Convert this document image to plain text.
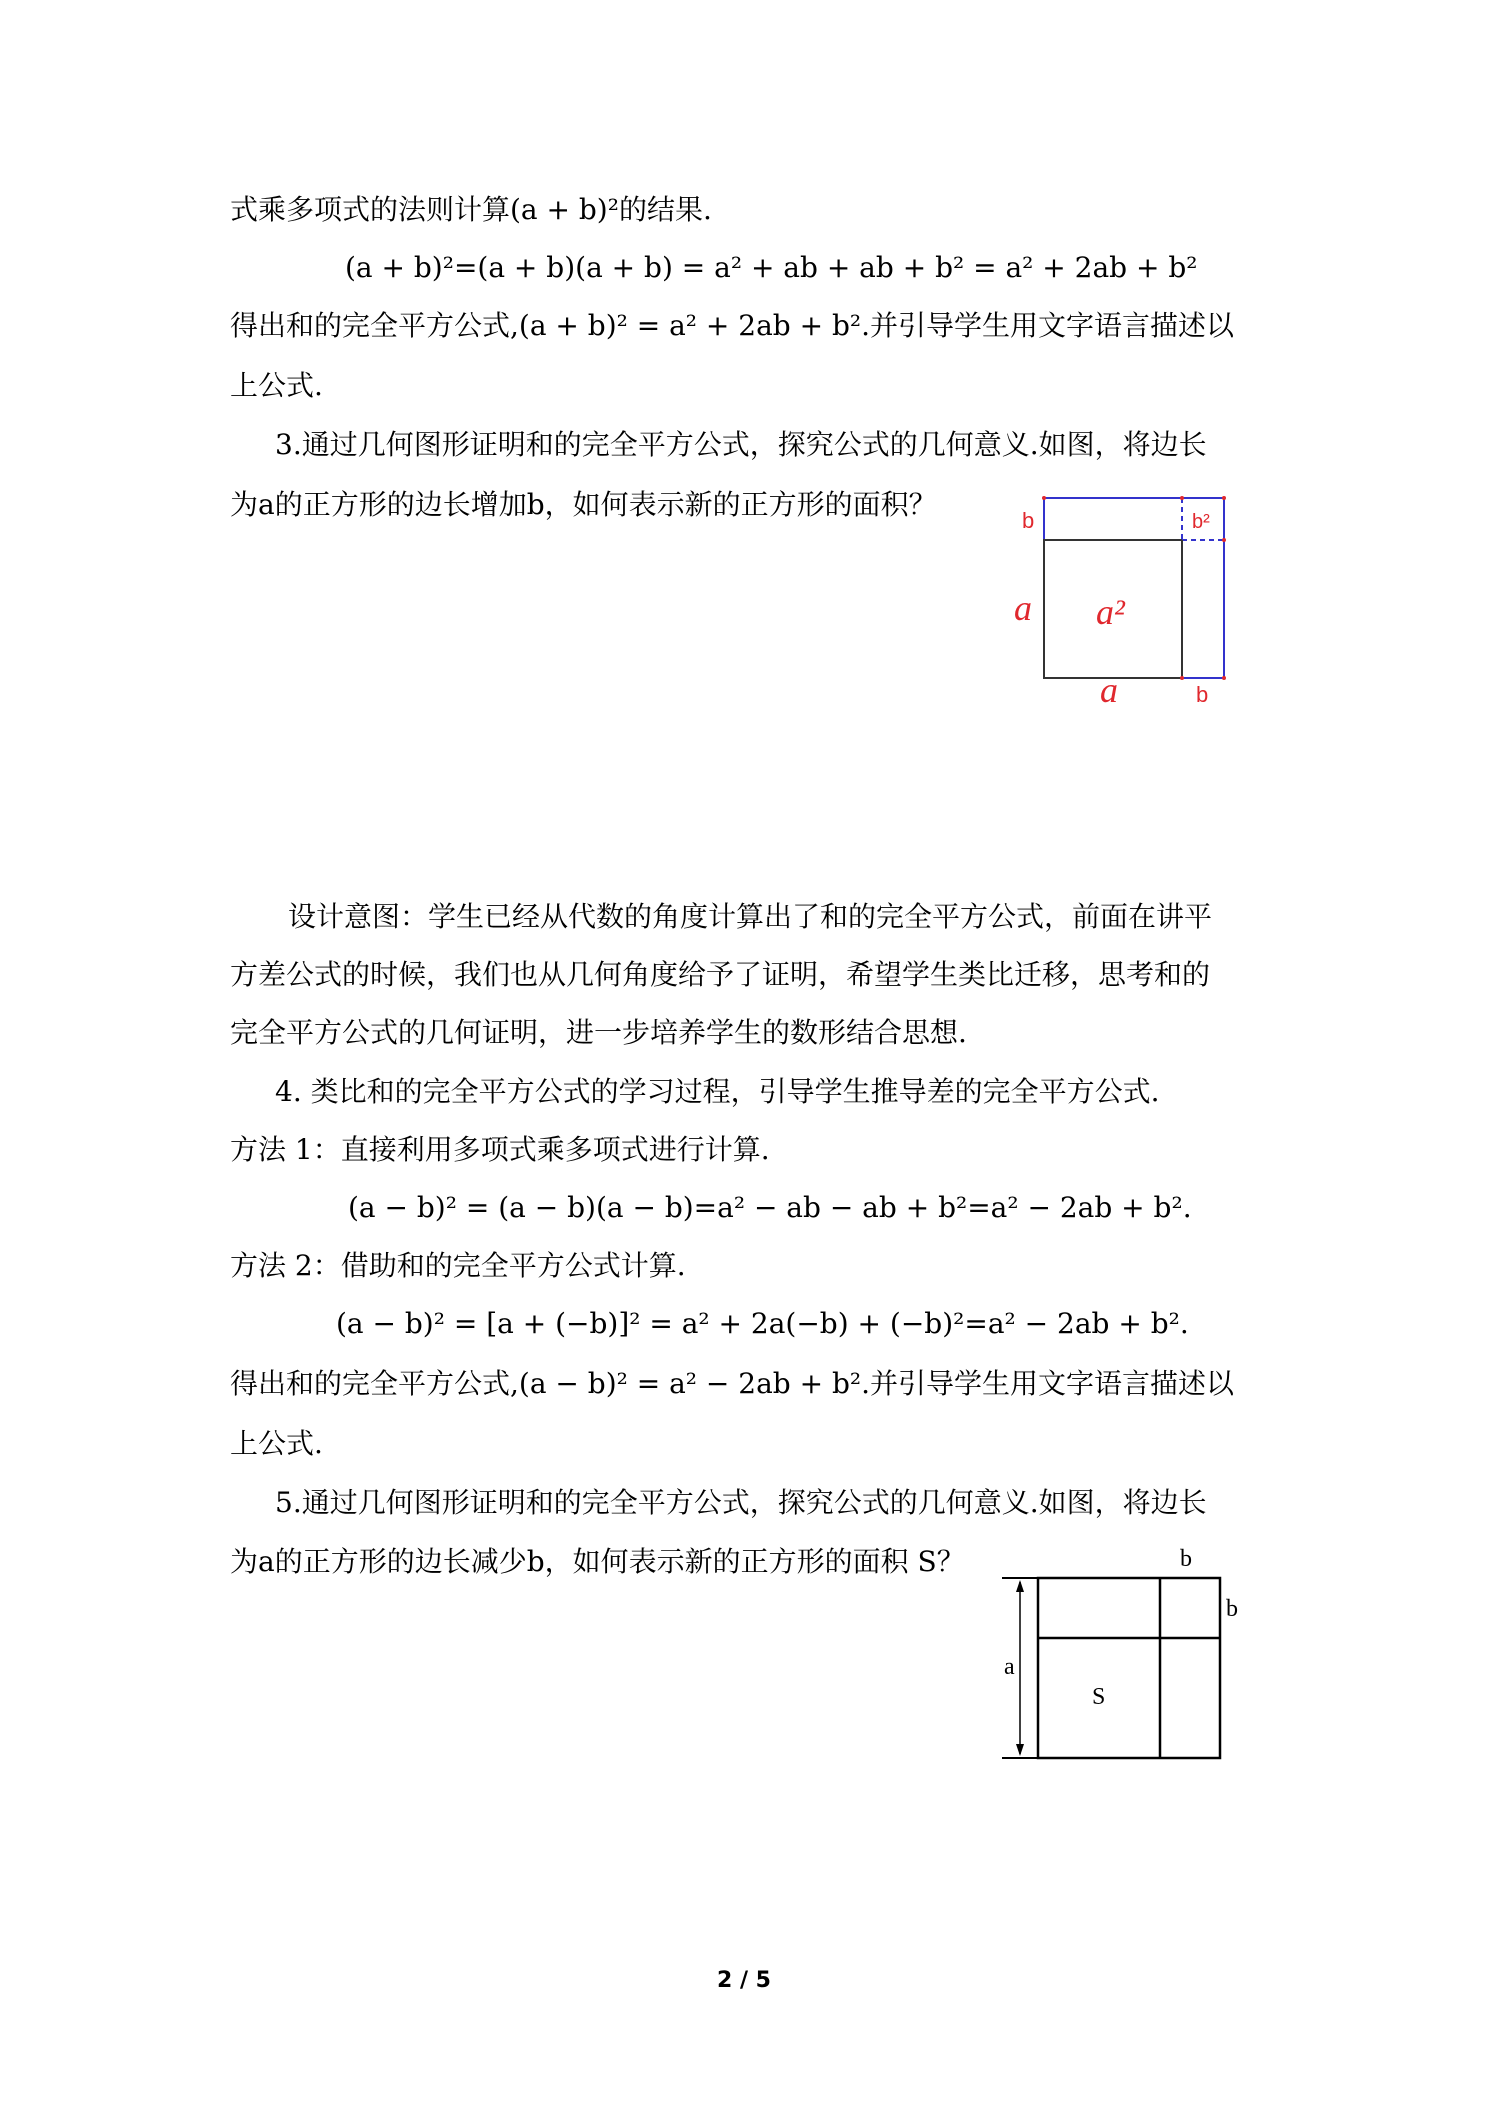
式乘多项式的法则计算(a + b)²的结果.
(a + b)²=(a + b)(a + b) = a² + ab + ab + b² = a² + 2ab + b²
得出和的完全平方公式,(a + b)² = a² + 2ab + b².并引导学生用文字语言描述以
上公式.
3.通过几何图形证明和的完全平方公式，探究公式的几何意义.如图，将边长
为a的正方形的边长增加b，如何表示新的正方形的面积？	b	b²
a a²
a	b
设计意图：学生已经从代数的角度计算出了和的完全平方公式，前面在讲平
方差公式的时候，我们也从几何角度给予了证明，希望学生类比迁移，思考和的
完全平方公式的几何证明，进一步培养学生的数形结合思想.
4. 类比和的完全平方公式的学习过程，引导学生推导差的完全平方公式.
方法 1：直接利用多项式乘多项式进行计算.
(a − b)² = (a − b)(a − b)=a² − ab − ab + b²=a² − 2ab + b².
方法 2：借助和的完全平方公式计算.
(a − b)² = [a + (−b)]² = a² + 2a(−b) + (−b)²=a² − 2ab + b².
得出和的完全平方公式,(a − b)² = a² − 2ab + b².并引导学生用文字语言描述以
上公式.
5.通过几何图形证明和的完全平方公式，探究公式的几何意义.如图，将边长
为a的正方形的边长减少b，如何表示新的正方形的面积 S？	b
b
a
S
2 / 5
